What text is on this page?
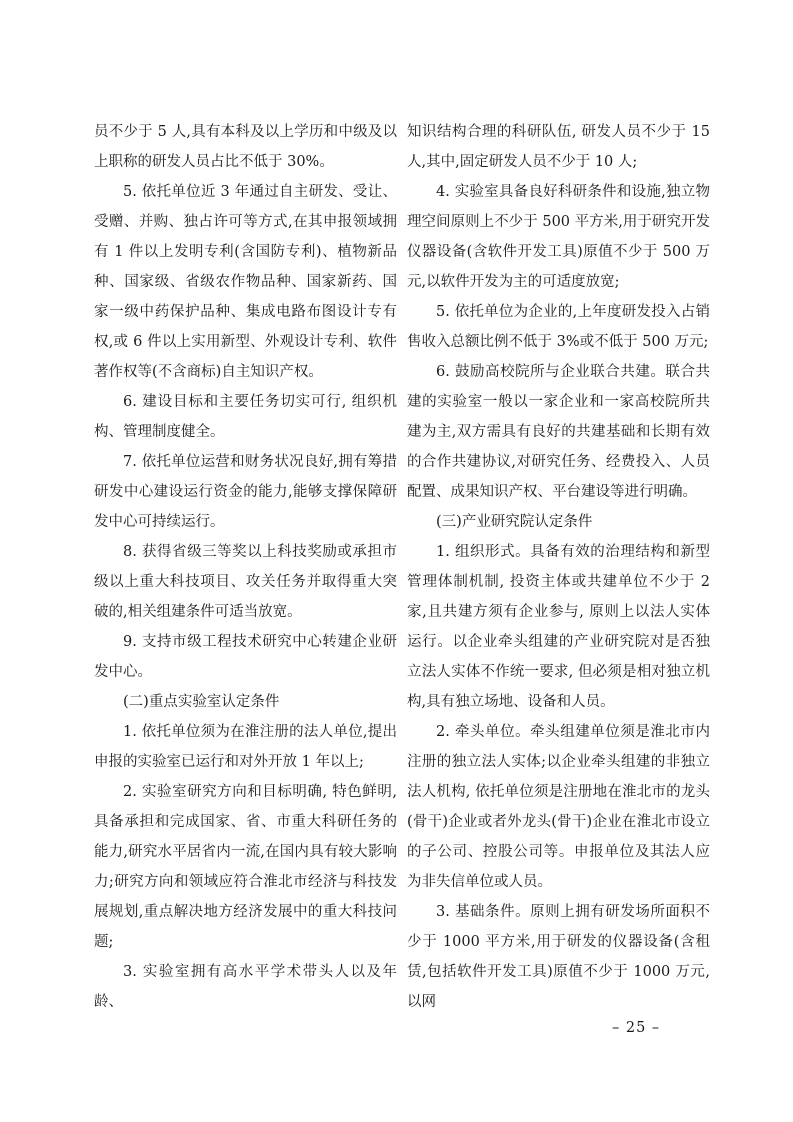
员不少于 5 人,具有本科及以上学历和中级及以上职称的研发人员占比不低于 30%。

5. 依托单位近 3 年通过自主研发、受让、受赠、并购、独占许可等方式,在其申报领域拥有 1 件以上发明专利(含国防专利)、植物新品种、国家级、省级农作物品种、国家新药、国家一级中药保护品种、集成电路布图设计专有权,或 6 件以上实用新型、外观设计专利、软件著作权等(不含商标)自主知识产权。

6. 建设目标和主要任务切实可行, 组织机构、管理制度健全。

7. 依托单位运营和财务状况良好,拥有筹措研发中心建设运行资金的能力,能够支撑保障研发中心可持续运行。

8. 获得省级三等奖以上科技奖励或承担市级以上重大科技项目、攻关任务并取得重大突破的,相关组建条件可适当放宽。

9. 支持市级工程技术研究中心转建企业研发中心。

(二)重点实验室认定条件

1. 依托单位须为在淮注册的法人单位,提出申报的实验室已运行和对外开放 1 年以上;

2. 实验室研究方向和目标明确, 特色鲜明,具备承担和完成国家、省、市重大科研任务的能力,研究水平居省内一流,在国内具有较大影响力;研究方向和领域应符合淮北市经济与科技发展规划,重点解决地方经济发展中的重大科技问题;

3. 实验室拥有高水平学术带头人以及年龄、

知识结构合理的科研队伍, 研发人员不少于 15 人,其中,固定研发人员不少于 10 人;

4. 实验室具备良好科研条件和设施,独立物理空间原则上不少于 500 平方米,用于研究开发仪器设备(含软件开发工具)原值不少于 500 万元,以软件开发为主的可适度放宽;

5. 依托单位为企业的,上年度研发投入占销售收入总额比例不低于 3%或不低于 500 万元;

6. 鼓励高校院所与企业联合共建。联合共建的实验室一般以一家企业和一家高校院所共建为主,双方需具有良好的共建基础和长期有效的合作共建协议,对研究任务、经费投入、人员配置、成果知识产权、平台建设等进行明确。

(三)产业研究院认定条件

1. 组织形式。具备有效的治理结构和新型管理体制机制, 投资主体或共建单位不少于 2 家,且共建方须有企业参与, 原则上以法人实体运行。以企业牵头组建的产业研究院对是否独立法人实体不作统一要求, 但必须是相对独立机构,具有独立场地、设备和人员。

2. 牵头单位。牵头组建单位须是淮北市内注册的独立法人实体;以企业牵头组建的非独立法人机构, 依托单位须是注册地在淮北市的龙头(骨干)企业或者外龙头(骨干)企业在淮北市设立的子公司、控股公司等。申报单位及其法人应为非失信单位或人员。

3. 基础条件。原则上拥有研发场所面积不少于 1000 平方米,用于研发的仪器设备(含租赁,包括软件开发工具)原值不少于 1000 万元,以网

– 25 –
